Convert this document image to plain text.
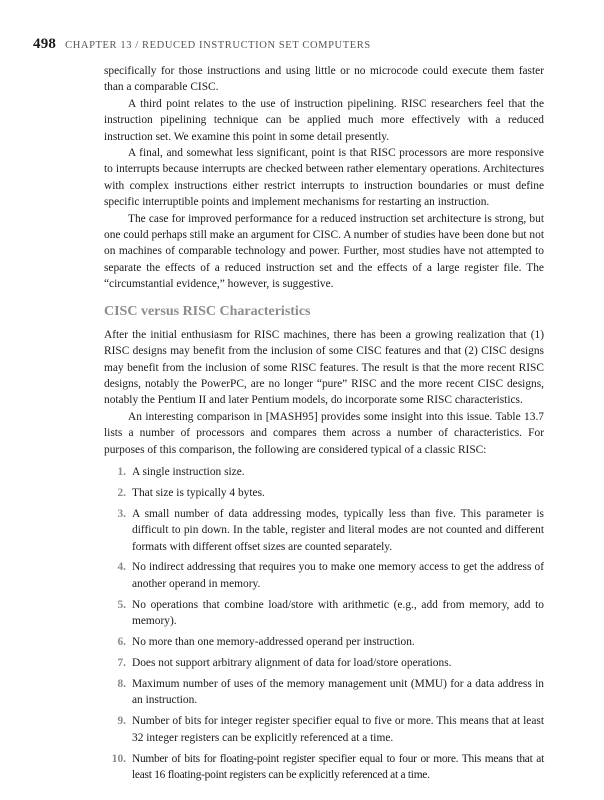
498 CHAPTER 13 / REDUCED INSTRUCTION SET COMPUTERS

specifically for those instructions and using little or no microcode could execute them faster than a comparable CISC.

A third point relates to the use of instruction pipelining. RISC researchers feel that the instruction pipelining technique can be applied much more effectively with a reduced instruction set. We examine this point in some detail presently.

A final, and somewhat less significant, point is that RISC processors are more responsive to interrupts because interrupts are checked between rather elementary operations. Architectures with complex instructions either restrict interrupts to instruction boundaries or must define specific interruptible points and implement mechanisms for restarting an instruction.

The case for improved performance for a reduced instruction set architecture is strong, but one could perhaps still make an argument for CISC. A number of studies have been done but not on machines of comparable technology and power. Further, most studies have not attempted to separate the effects of a reduced instruction set and the effects of a large register file. The “circumstantial evidence,” however, is suggestive.

CISC versus RISC Characteristics

After the initial enthusiasm for RISC machines, there has been a growing realization that (1) RISC designs may benefit from the inclusion of some CISC features and that (2) CISC designs may benefit from the inclusion of some RISC features. The result is that the more recent RISC designs, notably the PowerPC, are no longer “pure” RISC and the more recent CISC designs, notably the Pentium II and later Pentium models, do incorporate some RISC characteristics.

An interesting comparison in [MASH95] provides some insight into this issue. Table 13.7 lists a number of processors and compares them across a number of characteristics. For purposes of this comparison, the following are considered typical of a classic RISC:

1. A single instruction size.
2. That size is typically 4 bytes.
3. A small number of data addressing modes, typically less than five. This parameter is difficult to pin down. In the table, register and literal modes are not counted and different formats with different offset sizes are counted separately.
4. No indirect addressing that requires you to make one memory access to get the address of another operand in memory.
5. No operations that combine load/store with arithmetic (e.g., add from memory, add to memory).
6. No more than one memory-addressed operand per instruction.
7. Does not support arbitrary alignment of data for load/store operations.
8. Maximum number of uses of the memory management unit (MMU) for a data address in an instruction.
9. Number of bits for integer register specifier equal to five or more. This means that at least 32 integer registers can be explicitly referenced at a time.
10. Number of bits for floating-point register specifier equal to four or more. This means that at least 16 floating-point registers can be explicitly referenced at a time.
